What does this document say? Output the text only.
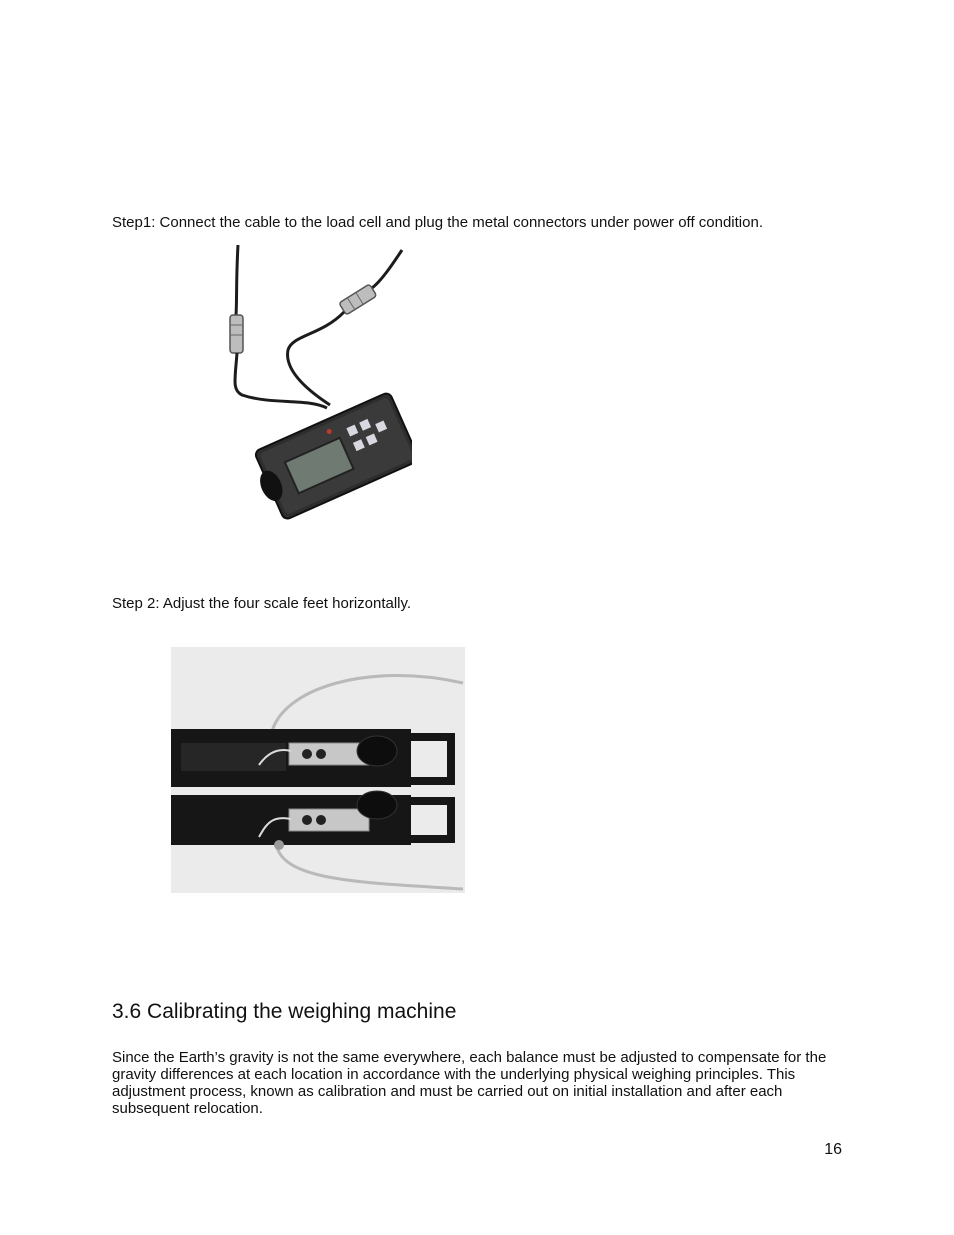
Step1: Connect the cable to the load cell and plug the metal connectors under power off condition.
Step 2: Adjust the four scale feet horizontally.
3.6 Calibrating the weighing machine

Since the Earth’s gravity is not the same everywhere, each balance must be adjusted to compensate for the gravity differences at each location in accordance with the underlying physical weighing principles. This adjustment process, known as calibration and must be carried out on initial installation and after each subsequent relocation.

16
